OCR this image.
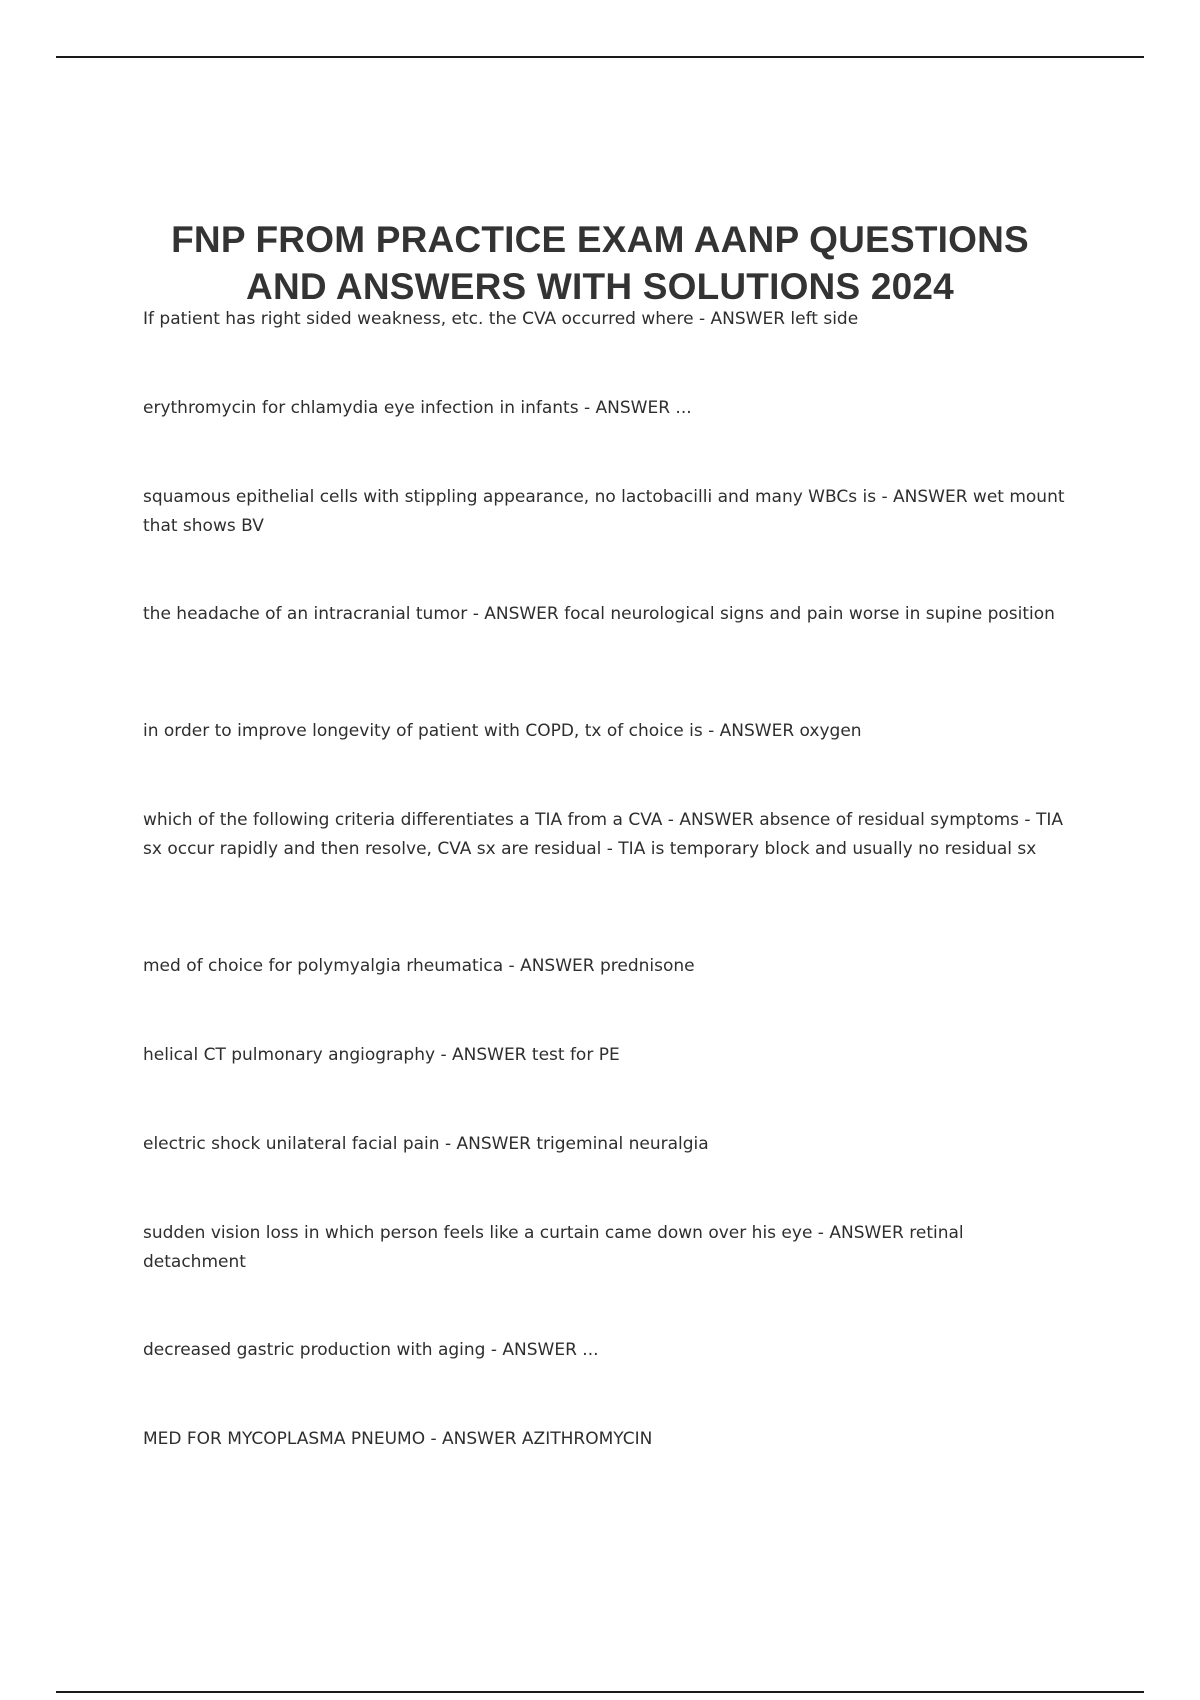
FNP FROM PRACTICE EXAM AANP QUESTIONS
AND ANSWERS WITH SOLUTIONS 2024

If patient has right sided weakness, etc. the CVA occurred where - ANSWER left side

erythromycin for chlamydia eye infection in infants - ANSWER ...

squamous epithelial cells with stippling appearance, no lactobacilli and many WBCs is - ANSWER wet mount that shows BV

the headache of an intracranial tumor - ANSWER focal neurological signs and pain worse in supine position

in order to improve longevity of patient with COPD, tx of choice is - ANSWER oxygen

which of the following criteria differentiates a TIA from a CVA - ANSWER absence of residual symptoms - TIA sx occur rapidly and then resolve, CVA sx are residual - TIA is temporary block and usually no residual sx

med of choice for polymyalgia rheumatica - ANSWER prednisone

helical CT pulmonary angiography - ANSWER test for PE

electric shock unilateral facial pain - ANSWER trigeminal neuralgia

sudden vision loss in which person feels like a curtain came down over his eye - ANSWER retinal detachment

decreased gastric production with aging - ANSWER ...

MED FOR MYCOPLASMA PNEUMO - ANSWER AZITHROMYCIN
